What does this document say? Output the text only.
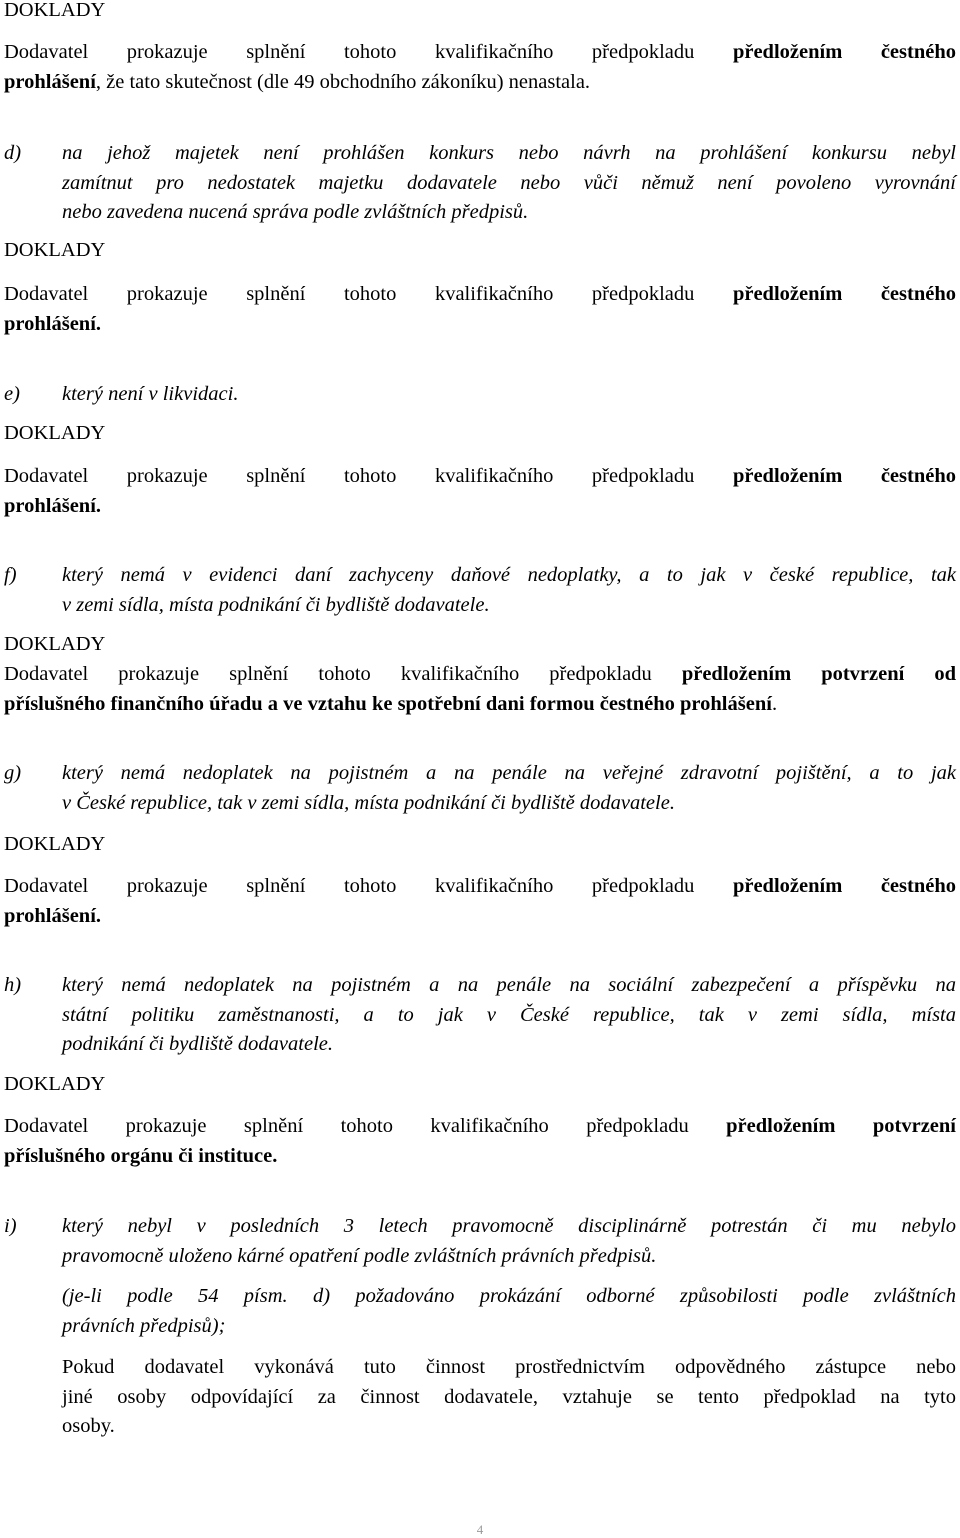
DOKLADY

Dodavatel prokazuje splnění tohoto kvalifikačního předpokladu předložením čestného

prohlášení, že tato skutečnost (dle 49 obchodního zákoníku) nenastala.

d) na jehož majetek není prohlášen konkurs nebo návrh na prohlášení konkursu nebyl

zamítnut pro nedostatek majetku dodavatele nebo vůči němuž není povoleno vyrovnání

nebo zavedena nucená správa podle zvláštních předpisů.

DOKLADY

Dodavatel prokazuje splnění tohoto kvalifikačního předpokladu předložením čestného

prohlášení.

e) který není v likvidaci.

DOKLADY

Dodavatel prokazuje splnění tohoto kvalifikačního předpokladu předložením čestného

prohlášení.

f) který nemá v evidenci daní zachyceny daňové nedoplatky, a to jak v české republice, tak

v zemi sídla, místa podnikání či bydliště dodavatele.

DOKLADY

Dodavatel prokazuje splnění tohoto kvalifikačního předpokladu předložením potvrzení od

příslušného finančního úřadu a ve vztahu ke spotřební dani formou čestného prohlášení.

g) který nemá nedoplatek na pojistném a na penále na veřejné zdravotní pojištění, a to jak

v České republice, tak v zemi sídla, místa podnikání či bydliště dodavatele.

DOKLADY

Dodavatel prokazuje splnění tohoto kvalifikačního předpokladu předložením čestného

prohlášení.

h) který nemá nedoplatek na pojistném a na penále na sociální zabezpečení a příspěvku na

státní politiku zaměstnanosti, a to jak v České republice, tak v zemi sídla, místa

podnikání či bydliště dodavatele.

DOKLADY

Dodavatel prokazuje splnění tohoto kvalifikačního předpokladu předložením potvrzení

příslušného orgánu či instituce.

i) který nebyl v posledních 3 letech pravomocně disciplinárně potrestán či mu nebylo

pravomocně uloženo kárné opatření podle zvláštních právních předpisů.

(je-li podle 54 písm. d) požadováno prokázání odborné způsobilosti podle zvláštních

právních předpisů);

Pokud dodavatel vykonává tuto činnost prostřednictvím odpovědného zástupce nebo

jiné osoby odpovídající za činnost dodavatele, vztahuje se tento předpoklad na tyto

osoby.

4
